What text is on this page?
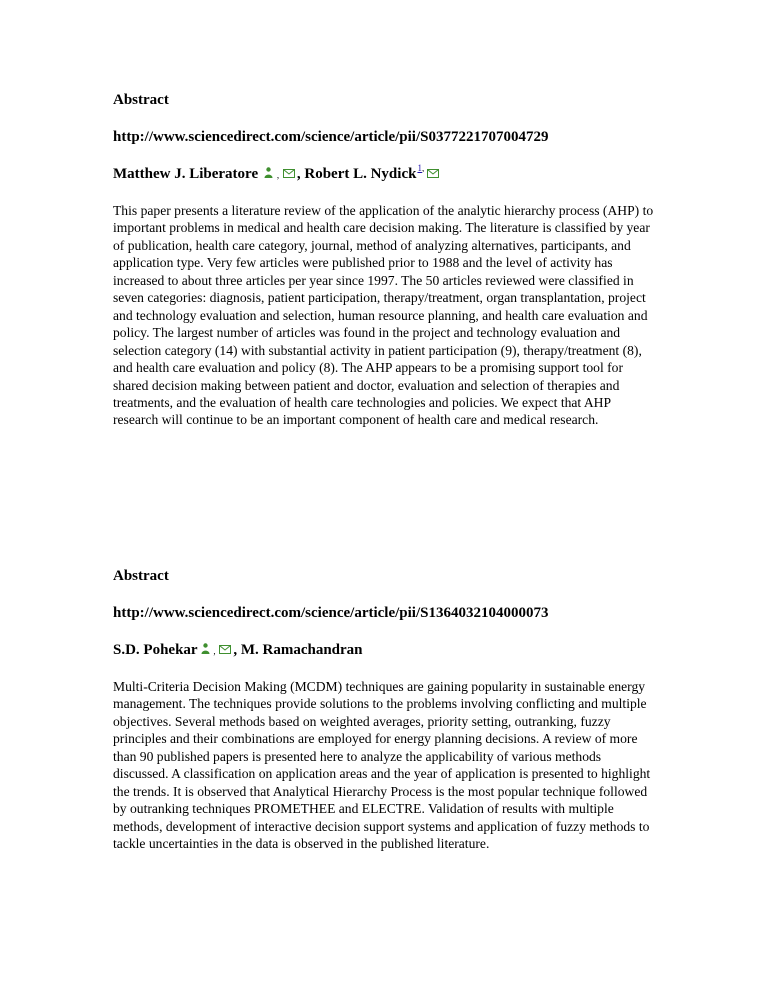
Abstract
http://www.sciencedirect.com/science/article/pii/S0377221707004729
Matthew J. Liberatore	,	, Robert L. Nydick 1 ,

This paper presents a literature review of the application of the analytic hierarchy process (AHP) to important problems in medical and health care decision making. The literature is classified by year of publication, health care category, journal, method of analyzing alternatives, participants, and application type. Very few articles were published prior to 1988 and the level of activity has increased to about three articles per year since 1997. The 50 articles reviewed were classified in seven categories: diagnosis, patient participation, therapy/treatment, organ transplantation, project and technology evaluation and selection, human resource planning, and health care evaluation and policy. The largest number of articles was found in the project and technology evaluation and selection category (14) with substantial activity in patient participation (9), therapy/treatment (8), and health care evaluation and policy (8). The AHP appears to be a promising support tool for shared decision making between patient and doctor, evaluation and selection of therapies and treatments, and the evaluation of health care technologies and policies. We expect that AHP research will continue to be an important component of health care and medical research.

Abstract
http://www.sciencedirect.com/science/article/pii/S1364032104000073
S.D. Pohekar	,	, M. Ramachandran

Multi-Criteria Decision Making (MCDM) techniques are gaining popularity in sustainable energy management. The techniques provide solutions to the problems involving conflicting and multiple objectives. Several methods based on weighted averages, priority setting, outranking, fuzzy principles and their combinations are employed for energy planning decisions. A review of more than 90 published papers is presented here to analyze the applicability of various methods discussed. A classification on application areas and the year of application is presented to highlight the trends. It is observed that Analytical Hierarchy Process is the most popular technique followed by outranking techniques PROMETHEE and ELECTRE. Validation of results with multiple methods, development of interactive decision support systems and application of fuzzy methods to tackle uncertainties in the data is observed in the published literature.
